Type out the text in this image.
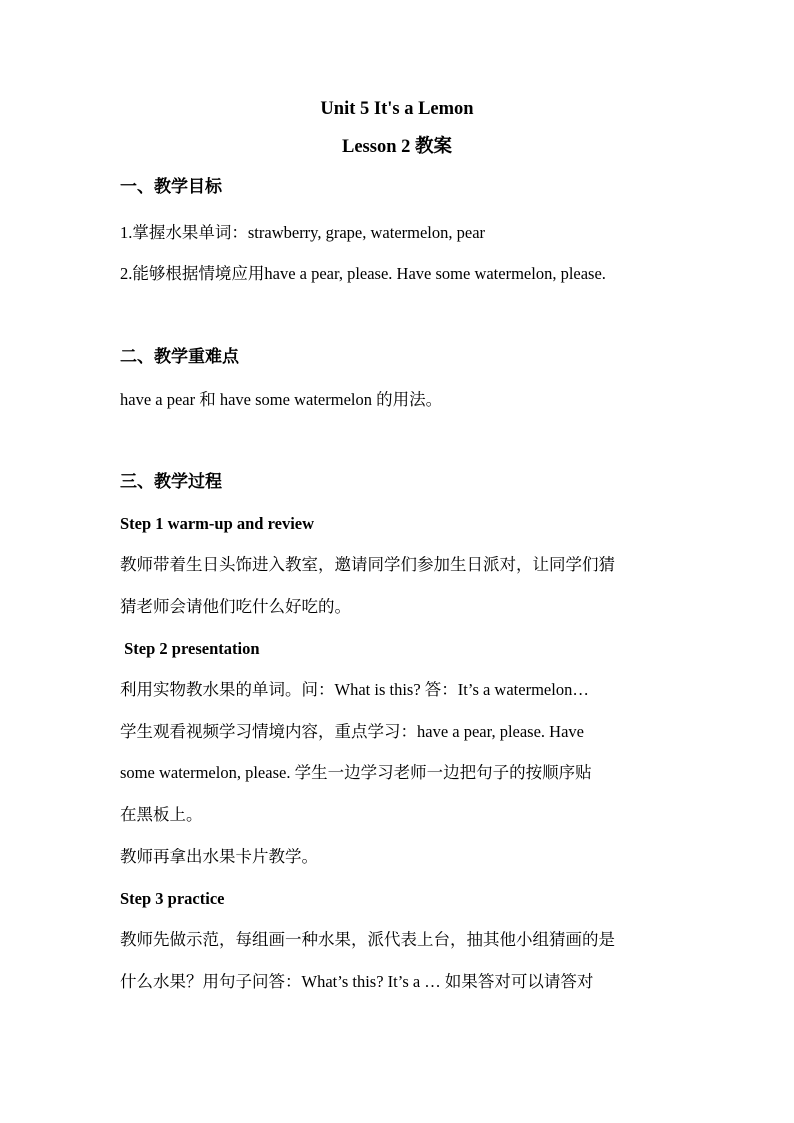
Unit 5 It's a Lemon
Lesson 2 教案
一、教学目标
1.掌握水果单词：strawberry, grape, watermelon, pear
2.能够根据情境应用have a pear, please. Have some watermelon, please.
二、教学重难点
have a pear 和 have some watermelon 的用法。
三、教学过程
Step 1 warm-up and review
教师带着生日头饰进入教室，邀请同学们参加生日派对，让同学们猜
猜老师会请他们吃什么好吃的。
Step 2 presentation
利用实物教水果的单词。问：What is this? 答：It’s a watermelon…
学生观看视频学习情境内容，重点学习：have a pear, please. Have
some watermelon, please. 学生一边学习老师一边把句子的按顺序贴
在黑板上。
教师再拿出水果卡片教学。
Step 3 practice
教师先做示范，每组画一种水果，派代表上台，抽其他小组猜画的是
什么水果？用句子问答：What’s this? It’s a … 如果答对可以请答对
